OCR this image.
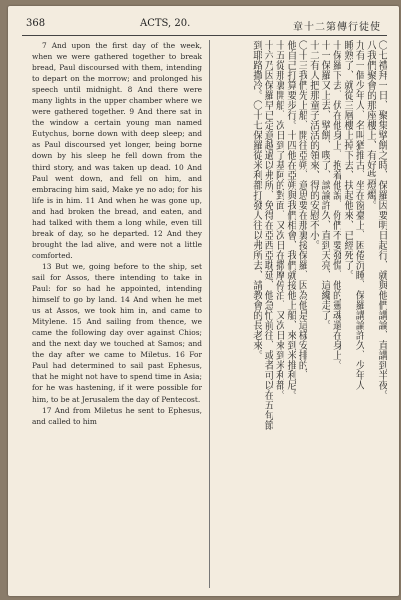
368	ACTS, 20.	章十二第傳行徒使

7 And upon the first day of the week, when we were gathered together to break bread, Paul discoursed with them, intending to depart on the morrow; and prolonged his speech until midnight. 8 And there were many lights in the upper chamber where we were gathered together. 9 And there sat in the window a certain young man named Eutychus, borne down with deep sleep; and as Paul discoursed yet longer, being borne down by his sleep he fell down from the third story, and was taken up dead. 10 And Paul went down, and fell on him, and embracing him said, Make ye no ado; for his life is in him. 11 And when he was gone up, and had broken the bread, and eaten, and had talked with them a long while, even till break of day, so he departed. 12 And they brought the lad alive, and were not a little comforted.

13 But we, going before to the ship, set sail for Assos, there intending to take in Paul: for so had he appointed, intending himself to go by land. 14 And when he met us at Assos, we took him in, and came to Mitylene. 15 And sailing from thence, we came the following day over against Chios; and the next day we touched at Samos; and the day after we came to Miletus. 16 For Paul had determined to sail past Ephesus, that he might not have to spend time in Asia; for he was hastening, if it were possible for him, to be at Jerusalem the day of Pentecost.

17 And from Miletus he sent to Ephesus, and called to him

〇七禮拜一日、聚集擘餅之時、保羅因要明日起行、就與他們講論、直講到半夜。
八我們聚會的那座樓上、有好些燈燭。
九有一個少年人、名叫猶推古、坐在窗臺上、困倦沉睡、保羅講論許久、少年人
睡熟了、就從三層樓上掉下去、扶起他來、已經死了。
十保羅下去、伏在他身上、抱着他說、你們不要發慌、他的靈魂還在身上。
十一保羅又上去、擘餅、喫了、談論許久、直到天亮、這纔走了。
十二有人把那童子活活的領來、得的安慰不小。
〇十三我們先上船、開往亞朔、意思要在那裏接保羅、因為他是這樣安排的、
他自己打算要步行。十四他在亞朔與我們相會、我們就接他上船、來到米推利尼。
十五從那裏開船、次日到了基阿的對面、又次日在撒摩停泊、又次日來到米利都。
十六乃因保羅早已定意越過以弗所、免得在亞西亞耽延、他急忙前往、或者可以在五旬節
到耶路撒冷。〇十七保羅從米利都打發人往以弗所去、請教會的長老來。
